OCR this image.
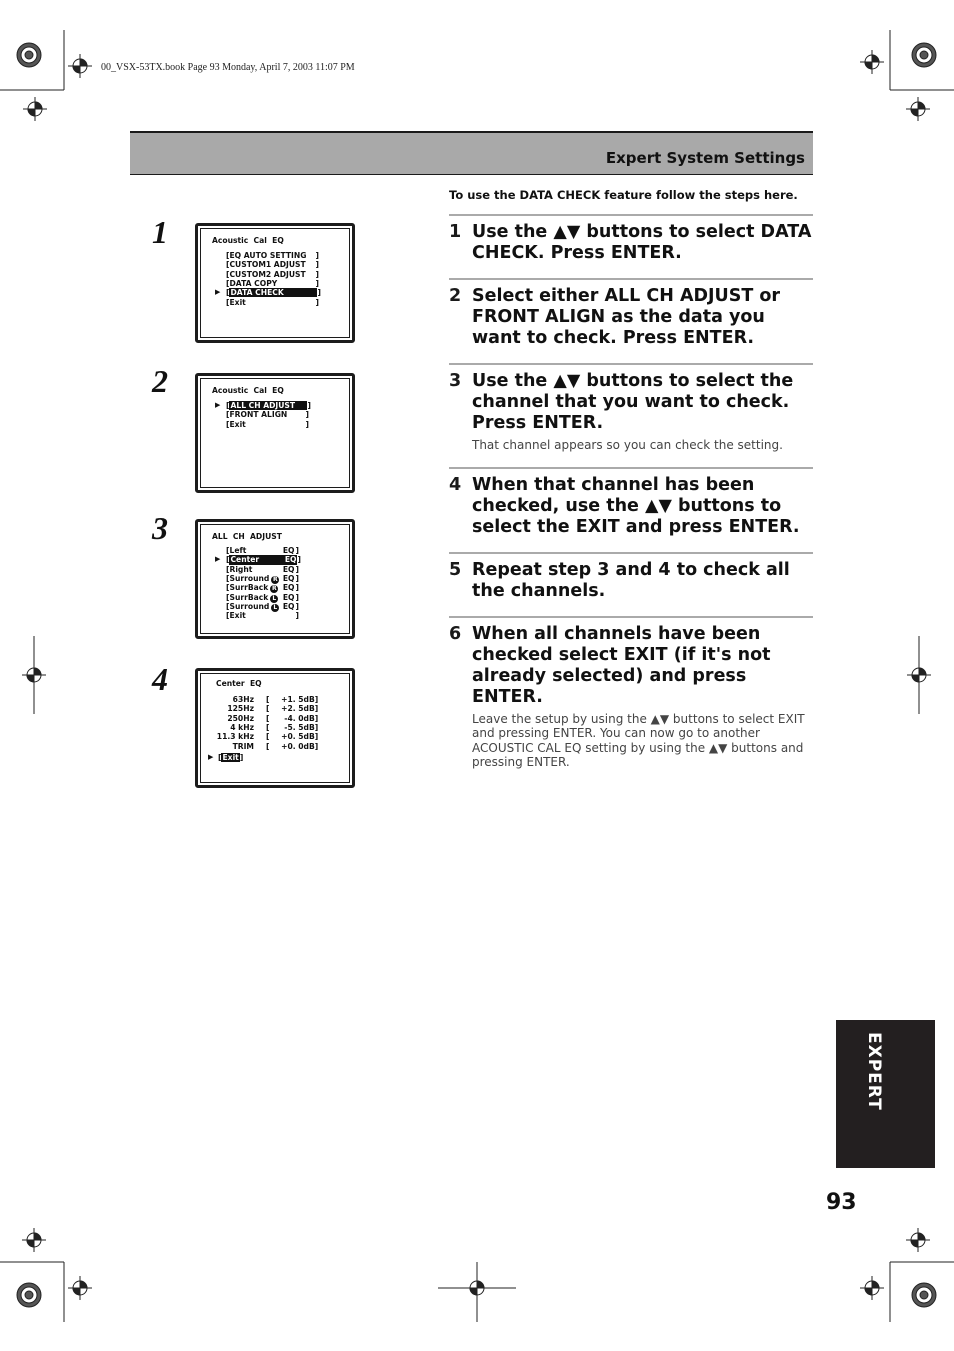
00_VSX-53TX.book Page 93 Monday, April 7, 2003 11:07 PM
Expert System Settings
To use the DATA CHECK feature follow the steps here.
1	Acoustic  Cal  EQ
[EQ AUTO SETTING ]
[CUSTOM1 ADJUST ]
[CUSTOM2 ADJUST ]
[DATA COPY	]
[DATA CHECK	]
▶
[Exit	]
2	Acoustic  Cal  EQ
[ALL CH ADJUST ]
▶
[FRONT ALIGN ]
[Exit	]
3	ALL  CH  ADJUST
[Left	EQ ]
[Center	EQ ]
▶
[Right	EQ ]
[Surround R EQ ]
[SurrBack R EQ ]
[SurrBack L EQ ]
[Surround L EQ ]
[Exit	]
4	Center  EQ
63Hz [ +1. 5dB]
125Hz [ +2. 5dB]
250Hz [ -4. 0dB]
4 kHz [ -5. 5dB]
11.3 kHz [ +0. 5dB]
TRIM [ +0. 0dB]
▶ [Exit]
1 Use the ▲▼ buttons to select DATA CHECK. Press ENTER.
2 Select either ALL CH ADJUST or FRONT ALIGN as the data you want to check. Press ENTER.
3 Use the ▲▼ buttons to select the channel that you want to check. Press ENTER.
That channel appears so you can check the setting.
4 When that channel has been checked, use the ▲▼ buttons to select the EXIT and press ENTER.
5 Repeat step 3 and 4 to check all the channels.
6 When all channels have been checked select EXIT (if it's not already selected) and press ENTER.
Leave the setup by using the ▲▼ buttons to select EXIT and pressing ENTER. You can now go to another ACOUSTIC CAL EQ setting by using the ▲▼ buttons and pressing ENTER.
EXPERT
93
